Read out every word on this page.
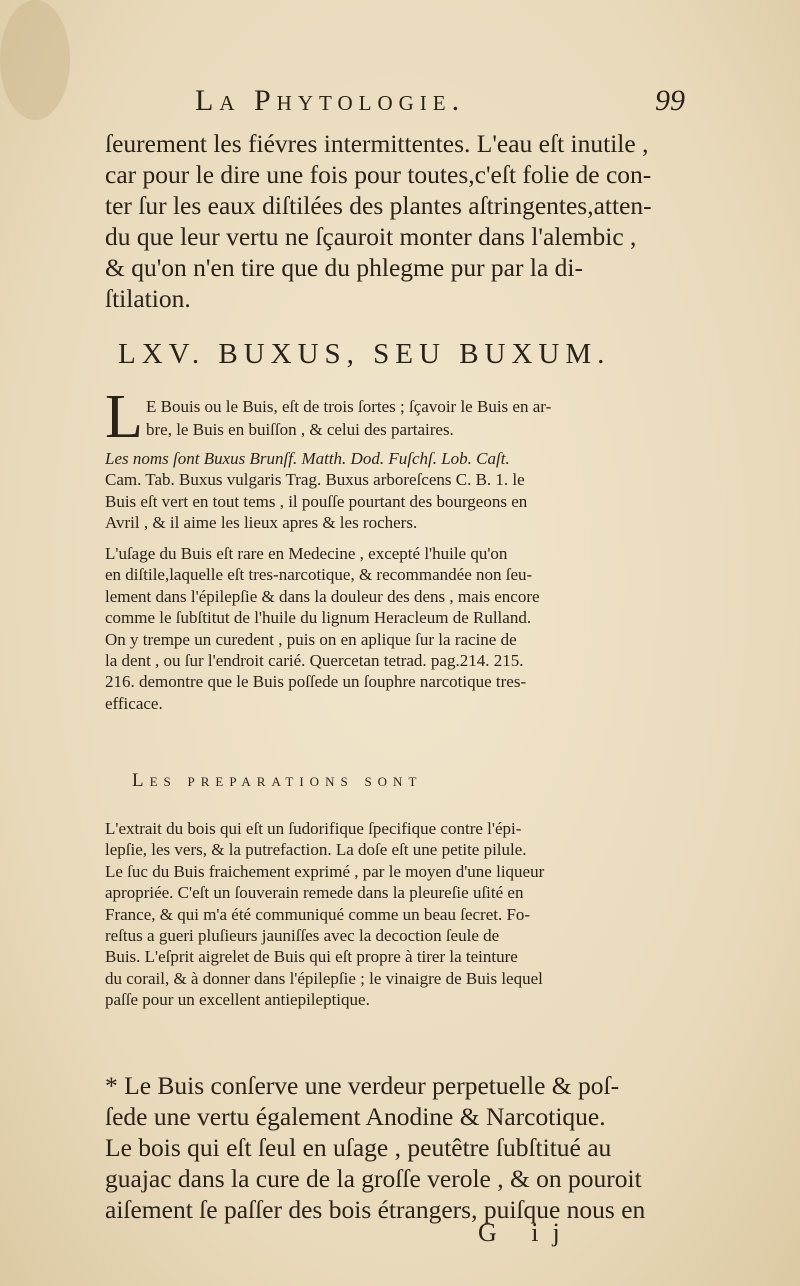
La Phytologie.	99
ſeurement les fiévres intermittentes. L'eau eſt inutile ,
car pour le dire une fois pour toutes,c'eſt folie de con-
ter ſur les eaux diſtilées des plantes aſtringentes,atten-
du que leur vertu ne ſçauroit monter dans l'alembic ,
& qu'on n'en tire que du phlegme pur par la di-
ſtilation.
LXV. BUXUS, SEU BUXUM.
L E Bouis ou le Buis, eſt de trois ſortes ; ſçavoir le Buis en ar-
bre, le Buis en buiſſon , & celui des partaires.
Les noms ſont Buxus Brunſf. Matth. Dod. Fuſchſ. Lob. Caſt.
Cam. Tab. Buxus vulgaris Trag. Buxus arboreſcens C. B. 1. le
Buis eſt vert en tout tems , il pouſſe pourtant des bourgeons en
Avril , & il aime les lieux apres & les rochers.
L'uſage du Buis eſt rare en Medecine , excepté l'huile qu'on
en diſtile,laquelle eſt tres-narcotique, & recommandée non ſeu-
lement dans l'épilepſie & dans la douleur des dens , mais encore
comme le ſubſtitut de l'huile du lignum Heracleum de Rulland.
On y trempe un curedent , puis on en aplique ſur la racine de
la dent , ou ſur l'endroit carié. Quercetan tetrad. pag.214. 215.
216. demontre que le Buis poſſede un ſouphre narcotique tres-
efficace.
Les preparations sont
L'extrait du bois qui eſt un ſudorifique ſpecifique contre l'épi-
lepſie, les vers, & la putrefaction. La doſe eſt une petite pilule.
Le ſuc du Buis fraichement exprimé , par le moyen d'une liqueur
apropriée. C'eſt un ſouverain remede dans la pleureſie uſité en
France, & qui m'a été communiqué comme un beau ſecret. Fo-
reſtus a gueri pluſieurs jauniſſes avec la decoction ſeule de
Buis. L'eſprit aigrelet de Buis qui eſt propre à tirer la teinture
du corail, & à donner dans l'épilepſie ; le vinaigre de Buis lequel
paſſe pour un excellent antiepileptique.
* Le Buis conſerve une verdeur perpetuelle & poſ-
ſede une vertu également Anodine & Narcotique.
Le bois qui eſt ſeul en uſage , peutêtre ſubſtitué au
guajac dans la cure de la groſſe verole , & on pouroit
aiſement ſe paſſer des bois étrangers, puiſque nous en
G ij
